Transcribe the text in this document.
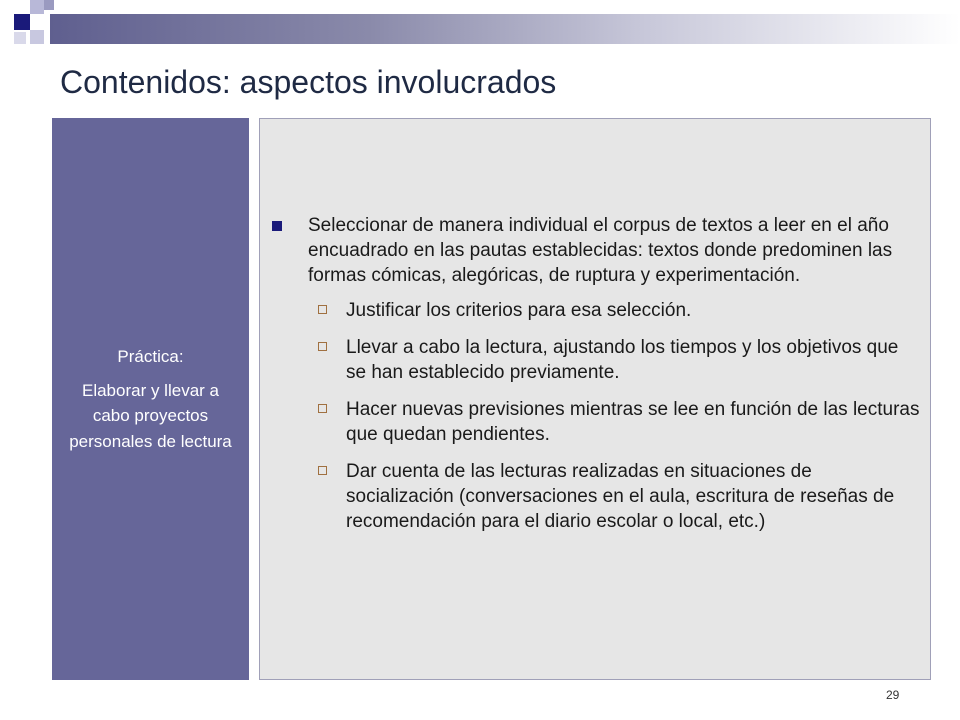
Contenidos: aspectos involucrados

Práctica:

Elaborar y llevar a cabo proyectos personales de lectura

Seleccionar de manera individual el corpus de textos a leer en el año encuadrado en las pautas establecidas: textos donde predominen las formas cómicas, alegóricas, de ruptura y experimentación.
Justificar los criterios para esa selección.
Llevar a cabo la lectura, ajustando los tiempos y los objetivos que se han establecido previamente.
Hacer nuevas previsiones mientras se lee en función de las lecturas que quedan pendientes.
Dar cuenta de las lecturas realizadas en situaciones de socialización (conversaciones en el aula, escritura de reseñas de recomendación para el diario escolar o local, etc.)
29
